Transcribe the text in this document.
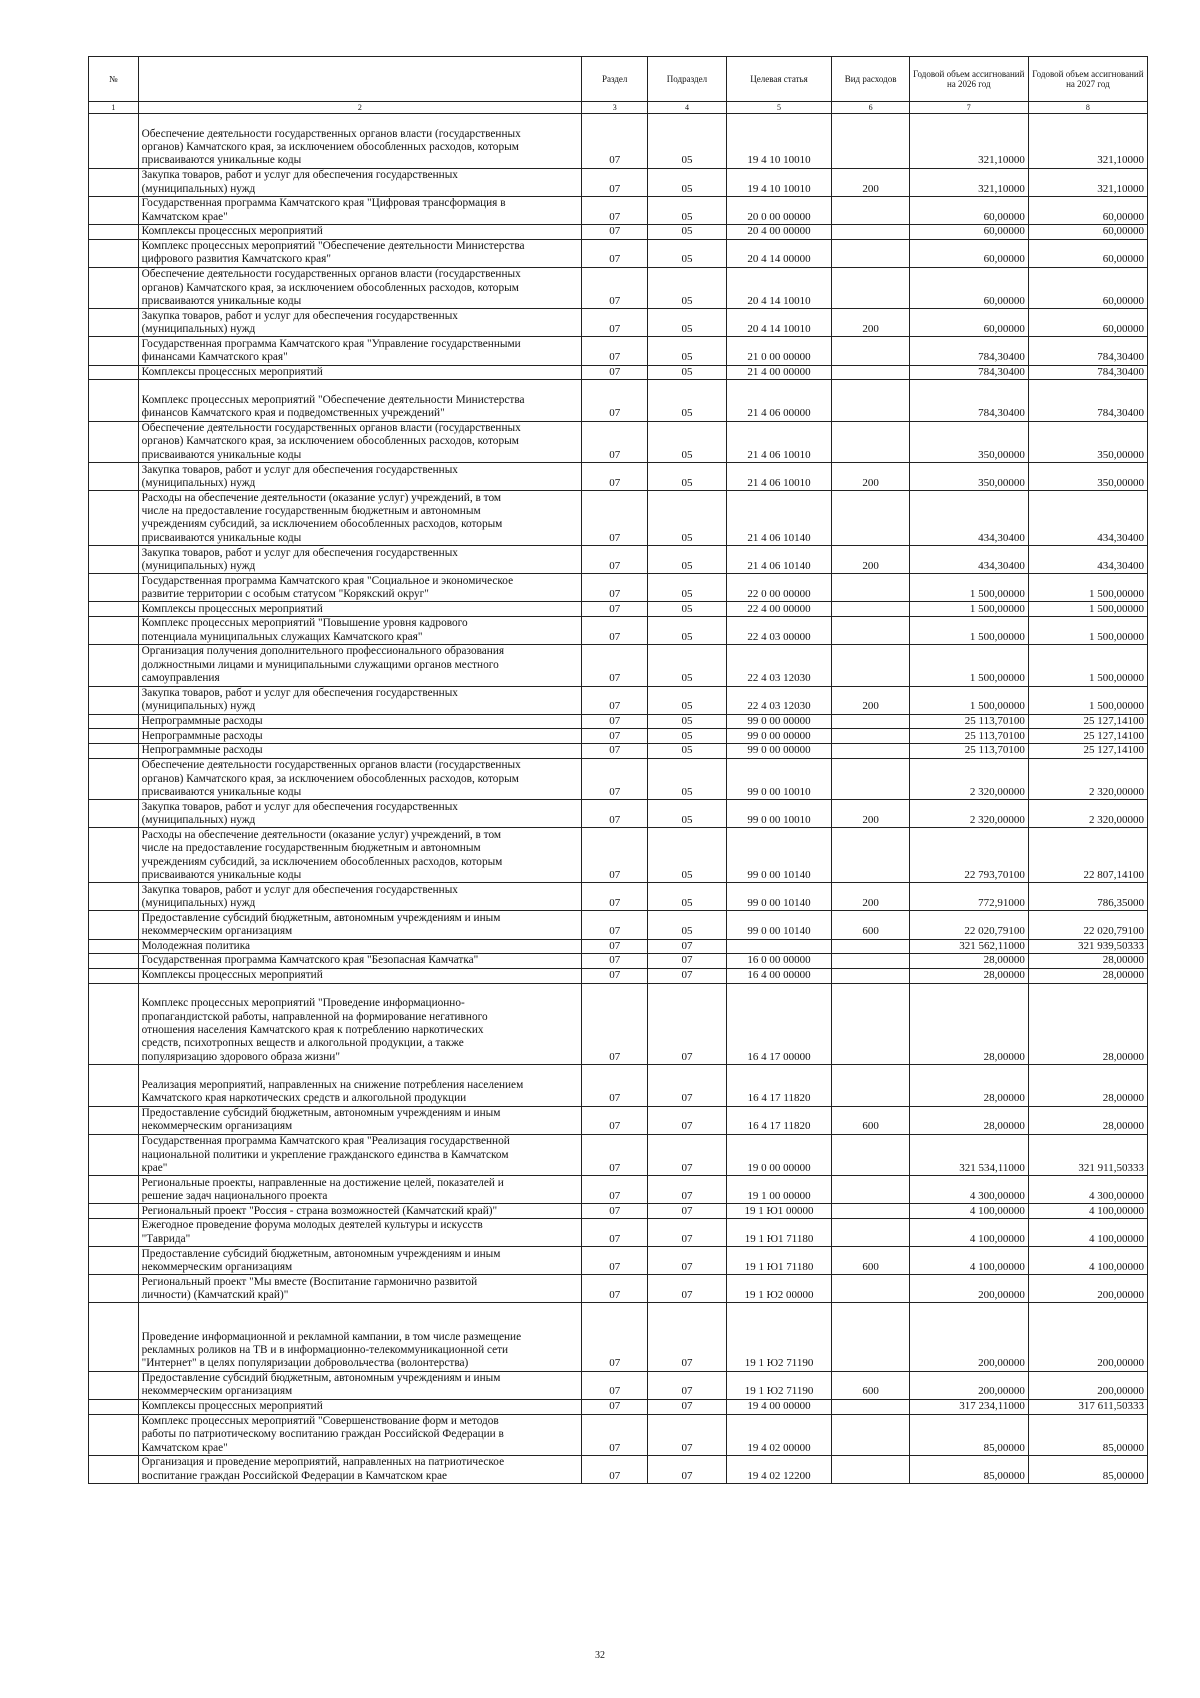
№		Раздел	Подраздел	Целевая статья	Вид расходов	Годовой объем ассигнований на 2026 год	Годовой объем ассигнований на 2027 год
1	2	3	4	5	6	7	8
	Обеспечение деятельности государственных органов власти (государственных
органов) Камчатского края, за исключением обособленных расходов, которым
присваиваются уникальные коды	07	05	19 4 10 10010		321,10000	321,10000
	Закупка товаров, работ и услуг для обеспечения государственных
(муниципальных) нужд	07	05	19 4 10 10010	200	321,10000	321,10000
	Государственная программа Камчатского края "Цифровая трансформация в
Камчатском крае"	07	05	20 0 00 00000		60,00000	60,00000
	Комплексы процессных мероприятий	07	05	20 4 00 00000		60,00000	60,00000
	Комплекс процессных мероприятий "Обеспечение деятельности Министерства
цифрового развития Камчатского края"	07	05	20 4 14 00000		60,00000	60,00000
	Обеспечение деятельности государственных органов власти (государственных
органов) Камчатского края, за исключением обособленных расходов, которым
присваиваются уникальные коды	07	05	20 4 14 10010		60,00000	60,00000
	Закупка товаров, работ и услуг для обеспечения государственных
(муниципальных) нужд	07	05	20 4 14 10010	200	60,00000	60,00000
	Государственная программа Камчатского края "Управление государственными
финансами Камчатского края"	07	05	21 0 00 00000		784,30400	784,30400
	Комплексы процессных мероприятий	07	05	21 4 00 00000		784,30400	784,30400
	Комплекс процессных мероприятий "Обеспечение деятельности Министерства
финансов Камчатского края и подведомственных учреждений"	07	05	21 4 06 00000		784,30400	784,30400
	Обеспечение деятельности государственных органов власти (государственных
органов) Камчатского края, за исключением обособленных расходов, которым
присваиваются уникальные коды	07	05	21 4 06 10010		350,00000	350,00000
	Закупка товаров, работ и услуг для обеспечения государственных
(муниципальных) нужд	07	05	21 4 06 10010	200	350,00000	350,00000
	Расходы на обеспечение деятельности (оказание услуг) учреждений, в том
числе на предоставление государственным бюджетным и автономным
учреждениям субсидий, за исключением обособленных расходов, которым
присваиваются уникальные коды	07	05	21 4 06 10140		434,30400	434,30400
	Закупка товаров, работ и услуг для обеспечения государственных
(муниципальных) нужд	07	05	21 4 06 10140	200	434,30400	434,30400
	Государственная программа Камчатского края "Социальное и экономическое
развитие территории с особым статусом "Корякский округ"	07	05	22 0 00 00000		1 500,00000	1 500,00000
	Комплексы процессных мероприятий	07	05	22 4 00 00000		1 500,00000	1 500,00000
	Комплекс процессных мероприятий "Повышение уровня кадрового
потенциала муниципальных служащих Камчатского края"	07	05	22 4 03 00000		1 500,00000	1 500,00000
	Организация получения дополнительного профессионального образования
должностными лицами и муниципальными служащими органов местного
самоуправления	07	05	22 4 03 12030		1 500,00000	1 500,00000
	Закупка товаров, работ и услуг для обеспечения государственных
(муниципальных) нужд	07	05	22 4 03 12030	200	1 500,00000	1 500,00000
	Непрограммные расходы	07	05	99 0 00 00000		25 113,70100	25 127,14100
	Непрограммные расходы	07	05	99 0 00 00000		25 113,70100	25 127,14100
	Непрограммные расходы	07	05	99 0 00 00000		25 113,70100	25 127,14100
	Обеспечение деятельности государственных органов власти (государственных
органов) Камчатского края, за исключением обособленных расходов, которым
присваиваются уникальные коды	07	05	99 0 00 10010		2 320,00000	2 320,00000
	Закупка товаров, работ и услуг для обеспечения государственных
(муниципальных) нужд	07	05	99 0 00 10010	200	2 320,00000	2 320,00000
	Расходы на обеспечение деятельности (оказание услуг) учреждений, в том
числе на предоставление государственным бюджетным и автономным
учреждениям субсидий, за исключением обособленных расходов, которым
присваиваются уникальные коды	07	05	99 0 00 10140		22 793,70100	22 807,14100
	Закупка товаров, работ и услуг для обеспечения государственных
(муниципальных) нужд	07	05	99 0 00 10140	200	772,91000	786,35000
	Предоставление субсидий бюджетным, автономным учреждениям и иным
некоммерческим организациям	07	05	99 0 00 10140	600	22 020,79100	22 020,79100
	Молодежная политика	07	07			321 562,11000	321 939,50333
	Государственная программа Камчатского края "Безопасная Камчатка"	07	07	16 0 00 00000		28,00000	28,00000
	Комплексы процессных мероприятий	07	07	16 4 00 00000		28,00000	28,00000
	Комплекс процессных мероприятий "Проведение информационно-
пропагандистской работы, направленной на формирование негативного
отношения населения Камчатского края к потреблению наркотических
средств, психотропных веществ и алкогольной продукции, а также
популяризацию здорового образа жизни"	07	07	16 4 17 00000		28,00000	28,00000
	Реализация мероприятий, направленных на снижение потребления населением
Камчатского края наркотических средств и алкогольной продукции	07	07	16 4 17 11820		28,00000	28,00000
	Предоставление субсидий бюджетным, автономным учреждениям и иным
некоммерческим организациям	07	07	16 4 17 11820	600	28,00000	28,00000
	Государственная программа Камчатского края "Реализация государственной
национальной политики и укрепление гражданского единства в Камчатском
крае"	07	07	19 0 00 00000		321 534,11000	321 911,50333
	Региональные проекты, направленные на достижение целей, показателей и
решение задач национального проекта	07	07	19 1 00 00000		4 300,00000	4 300,00000
	Региональный проект "Россия - страна возможностей (Камчатский край)"	07	07	19 1 Ю1 00000		4 100,00000	4 100,00000
	Ежегодное проведение форума молодых деятелей культуры и искусств
"Таврида"	07	07	19 1 Ю1 71180		4 100,00000	4 100,00000
	Предоставление субсидий бюджетным, автономным учреждениям и иным
некоммерческим организациям	07	07	19 1 Ю1 71180	600	4 100,00000	4 100,00000
	Региональный проект "Мы вместе (Воспитание гармонично развитой
личности) (Камчатский край)"	07	07	19 1 Ю2 00000		200,00000	200,00000
	Проведение информационной и рекламной кампании, в том числе размещение
рекламных роликов на ТВ и в информационно-телекоммуникационной сети
"Интернет" в целях популяризации добровольчества (волонтерства)	07	07	19 1 Ю2 71190		200,00000	200,00000
	Предоставление субсидий бюджетным, автономным учреждениям и иным
некоммерческим организациям	07	07	19 1 Ю2 71190	600	200,00000	200,00000
	Комплексы процессных мероприятий	07	07	19 4 00 00000		317 234,11000	317 611,50333
	Комплекс процессных мероприятий "Совершенствование форм и методов
работы по патриотическому воспитанию граждан Российской Федерации в
Камчатском крае"	07	07	19 4 02 00000		85,00000	85,00000
	Организация и проведение мероприятий, направленных на патриотическое
воспитание граждан Российской Федерации в Камчатском крае	07	07	19 4 02 12200		85,00000	85,00000
32
